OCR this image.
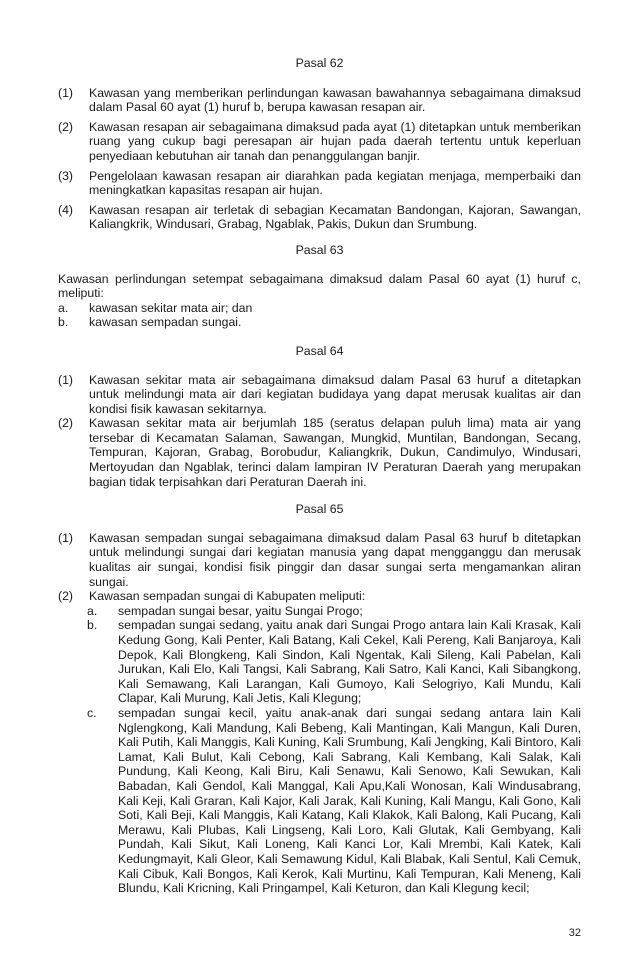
Pasal 62

(1) Kawasan yang memberikan perlindungan kawasan bawahannya sebagaimana dimaksud dalam Pasal 60 ayat (1) huruf b, berupa kawasan resapan air.
(2) Kawasan resapan air sebagaimana dimaksud pada ayat (1) ditetapkan untuk memberikan ruang yang cukup bagi peresapan air hujan pada daerah tertentu untuk keperluan penyediaan kebutuhan air tanah dan penanggulangan banjir.
(3) Pengelolaan kawasan resapan air diarahkan pada kegiatan menjaga, memperbaiki dan meningkatkan kapasitas resapan air hujan.
(4) Kawasan resapan air terletak di sebagian Kecamatan Bandongan, Kajoran, Sawangan, Kaliangkrik, Windusari, Grabag, Ngablak, Pakis, Dukun dan Srumbung.

Pasal 63

Kawasan perlindungan setempat sebagaimana dimaksud dalam Pasal 60 ayat (1) huruf c, meliputi:

a. kawasan sekitar mata air; dan
b. kawasan sempadan sungai.

Pasal 64

(1) Kawasan sekitar mata air sebagaimana dimaksud dalam Pasal 63 huruf a ditetapkan untuk melindungi mata air dari kegiatan budidaya yang dapat merusak kualitas air dan kondisi fisik kawasan sekitarnya.
(2) Kawasan sekitar mata air berjumlah 185 (seratus delapan puluh lima) mata air yang tersebar di Kecamatan Salaman, Sawangan, Mungkid, Muntilan, Bandongan, Secang, Tempuran, Kajoran, Grabag, Borobudur, Kaliangkrik, Dukun, Candimulyo, Windusari, Mertoyudan dan Ngablak, terinci dalam lampiran IV Peraturan Daerah yang merupakan bagian tidak terpisahkan dari Peraturan Daerah ini.

Pasal 65

(1) Kawasan sempadan sungai sebagaimana dimaksud dalam Pasal 63 huruf b ditetapkan untuk melindungi sungai dari kegiatan manusia yang dapat mengganggu dan merusak kualitas air sungai, kondisi fisik pinggir dan dasar sungai serta mengamankan aliran sungai.
(2) Kawasan sempadan sungai di Kabupaten meliputi:
a. sempadan sungai besar, yaitu Sungai Progo;
b. sempadan sungai sedang, yaitu anak dari Sungai Progo antara lain Kali Krasak, Kali Kedung Gong, Kali Penter, Kali Batang, Kali Cekel, Kali Pereng, Kali Banjaroya, Kali Depok, Kali Blongkeng, Kali Sindon, Kali Ngentak, Kali Sileng, Kali Pabelan, Kali Jurukan, Kali Elo, Kali Tangsi, Kali Sabrang, Kali Satro, Kali Kanci, Kali Sibangkong, Kali Semawang, Kali Larangan, Kali Gumoyo, Kali Selogriyo, Kali Mundu, Kali Clapar, Kali Murung, Kali Jetis, Kali Klegung;
c. sempadan sungai kecil, yaitu anak-anak dari sungai sedang antara lain Kali Nglengkong, Kali Mandung, Kali Bebeng, Kali Mantingan, Kali Mangun, Kali Duren, Kali Putih, Kali Manggis, Kali Kuning, Kali Srumbung, Kali Jengking, Kali Bintoro, Kali Lamat, Kali Bulut, Kali Cebong, Kali Sabrang, Kali Kembang, Kali Salak, Kali Pundung, Kali Keong, Kali Biru, Kali Senawu, Kali Senowo, Kali Sewukan, Kali Babadan, Kali Gendol, Kali Manggal, Kali Apu,Kali Wonosan, Kali Windusabrang, Kali Keji, Kali Graran, Kali Kajor, Kali Jarak, Kali Kuning, Kali Mangu, Kali Gono, Kali Soti, Kali Beji, Kali Manggis, Kali Katang, Kali Klakok, Kali Balong, Kali Pucang, Kali Merawu, Kali Plubas, Kali Lingseng, Kali Loro, Kali Glutak, Kali Gembyang, Kali Pundah, Kali Sikut, Kali Loneng, Kali Kanci Lor, Kali Mrembi, Kali Katek, Kali Kedungmayit, Kali Gleor, Kali Semawung Kidul, Kali Blabak, Kali Sentul, Kali Cemuk, Kali Cibuk, Kali Bongos, Kali Kerok, Kali Murtinu, Kali Tempuran, Kali Meneng, Kali Blundu, Kali Kricning, Kali Pringampel, Kali Keturon, dan Kali Klegung kecil;
32
